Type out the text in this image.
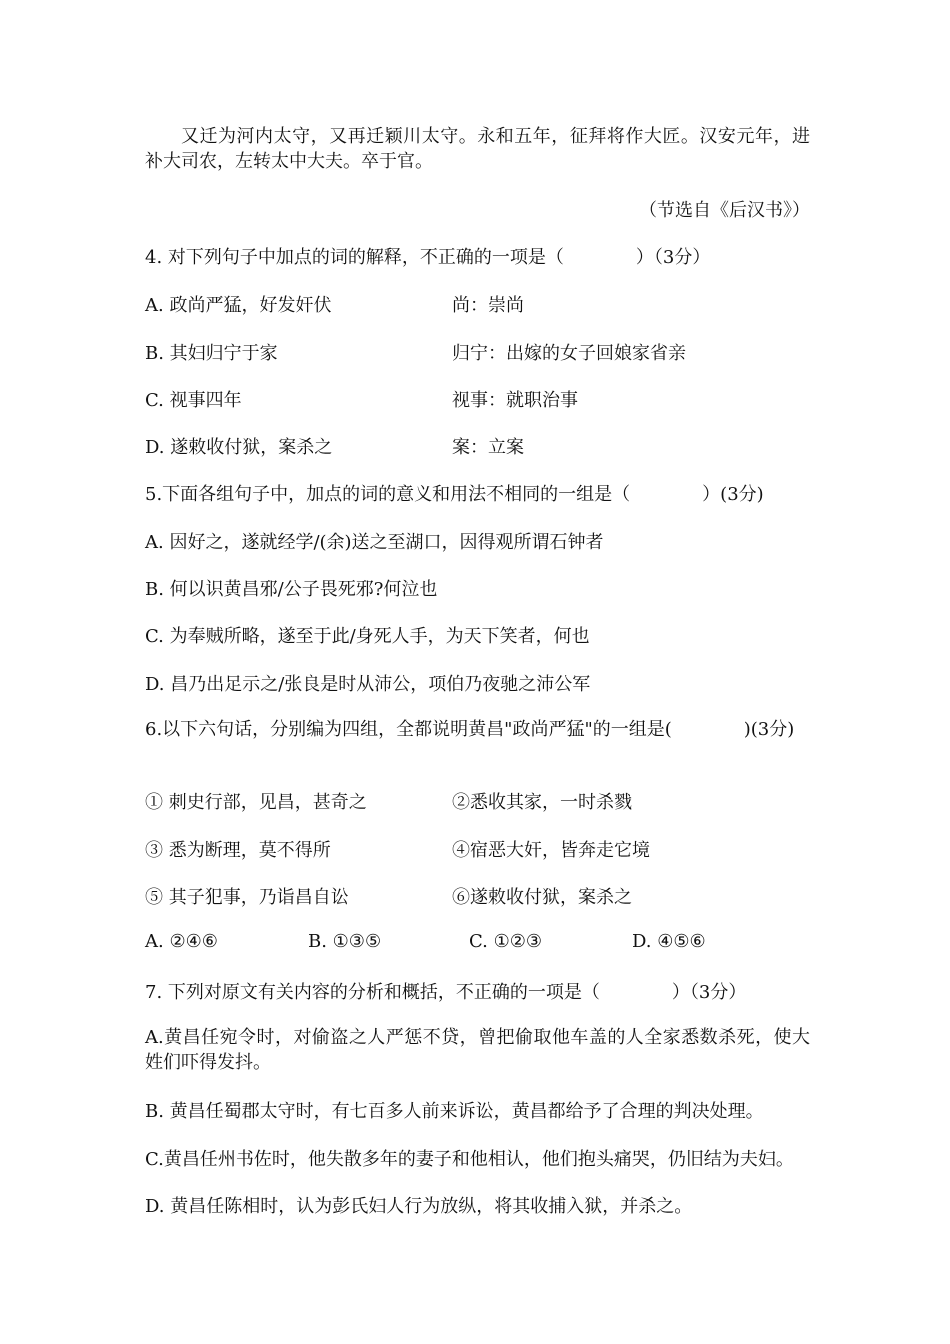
又迁为河内太守，又再迁颖川太守。永和五年，征拜将作大匠。汉安元年，进补大司农，左转太中大夫。卒于官。
（节选自《后汉书》）
4. 对下列句子中加点的词的解释，不正确的一项是（　　　　）（3分）
A. 政尚严猛，好发奸伏	尚：崇尚
B. 其妇归宁于家	归宁：出嫁的女子回娘家省亲
C. 视事四年	视事：就职治事
D. 遂敕收付狱，案杀之	案：立案
5.下面各组句子中，加点的词的意义和用法不相同的一组是（　　　　）(3分)
A. 因好之，遂就经学/(余)送之至湖口，因得观所谓石钟者
B. 何以识黄昌邪/公子畏死邪?何泣也
C. 为奉贼所略，遂至于此/身死人手，为天下笑者，何也
D. 昌乃出足示之/张良是时从沛公，项伯乃夜驰之沛公军
6.以下六句话，分别编为四组，全都说明黄昌"政尚严猛"的一组是(　　　　)(3分)
① 刺史行部，见昌，甚奇之	②悉收其家，一时杀戮
③ 悉为断理，莫不得所	④宿恶大奸，皆奔走它境
⑤ 其子犯事，乃诣昌自讼	⑥遂敕收付狱，案杀之
A. ②④⑥	B. ①③⑤	C. ①②③	D. ④⑤⑥
7. 下列对原文有关内容的分析和概括，不正确的一项是（　　　　）（3分）
A.黄昌任宛令时，对偷盗之人严惩不贷，曾把偷取他车盖的人全家悉数杀死，使大姓们吓得发抖。
B. 黄昌任蜀郡太守时，有七百多人前来诉讼，黄昌都给予了合理的判决处理。
C.黄昌任州书佐时，他失散多年的妻子和他相认，他们抱头痛哭，仍旧结为夫妇。
D. 黄昌任陈相时，认为彭氏妇人行为放纵，将其收捕入狱，并杀之。
